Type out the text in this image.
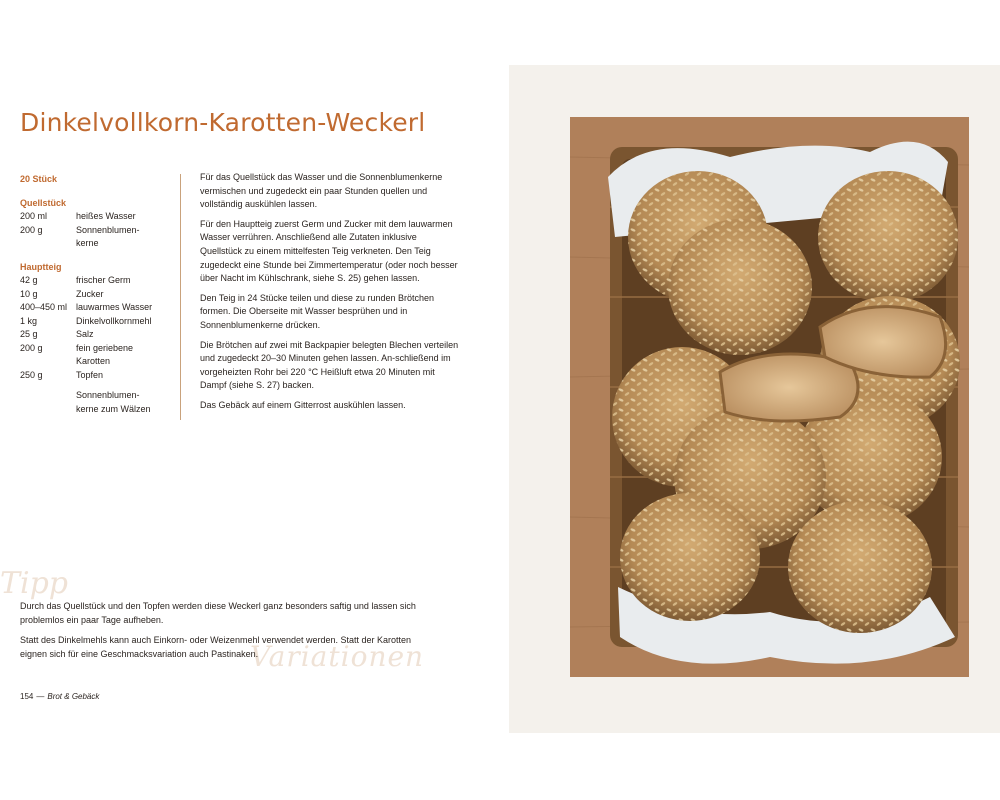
Dinkelvollkorn-Karotten-Weckerl
20 Stück
Quellstück
200 ml	heißes Wasser
200 g	Sonnenblumen-kerne
Hauptteig
42 g	frischer Germ
10 g	Zucker
400–450 ml lauwarmes Wasser
1 kg	Dinkelvollkornmehl
25 g	Salz
200 g	fein geriebene Karotten
250 g	Topfen
Sonnenblumen-kerne zum Wälzen

Für das Quellstück das Wasser und die Sonnenblumenkerne vermischen und zugedeckt ein paar Stunden quellen und vollständig auskühlen lassen.

Für den Hauptteig zuerst Germ und Zucker mit dem lauwarmen Wasser verrühren. Anschließend alle Zutaten inklusive Quellstück zu einem mittelfesten Teig verkneten. Den Teig zugedeckt eine Stunde bei Zimmertemperatur (oder noch besser über Nacht im Kühlschrank, siehe S. 25) gehen lassen.

Den Teig in 24 Stücke teilen und diese zu runden Brötchen formen. Die Oberseite mit Wasser besprühen und in Sonnenblumenkerne drücken.

Die Brötchen auf zwei mit Backpapier belegten Blechen verteilen und zugedeckt 20–30 Minuten gehen lassen. An-schließend im vorgeheizten Rohr bei 220 °C Heißluft etwa 20 Minuten mit Dampf (siehe S. 27) backen.

Das Gebäck auf einem Gitterrost auskühlen lassen.

Tipp
Variationen

Durch das Quellstück und den Topfen werden diese Weckerl ganz besonders saftig und lassen sich problemlos ein paar Tage aufheben.

Statt des Dinkelmehls kann auch Einkorn- oder Weizenmehl verwendet werden. Statt der Karotten eignen sich für eine Geschmacksvariation auch Pastinaken.

154 — Brot & Gebäck
